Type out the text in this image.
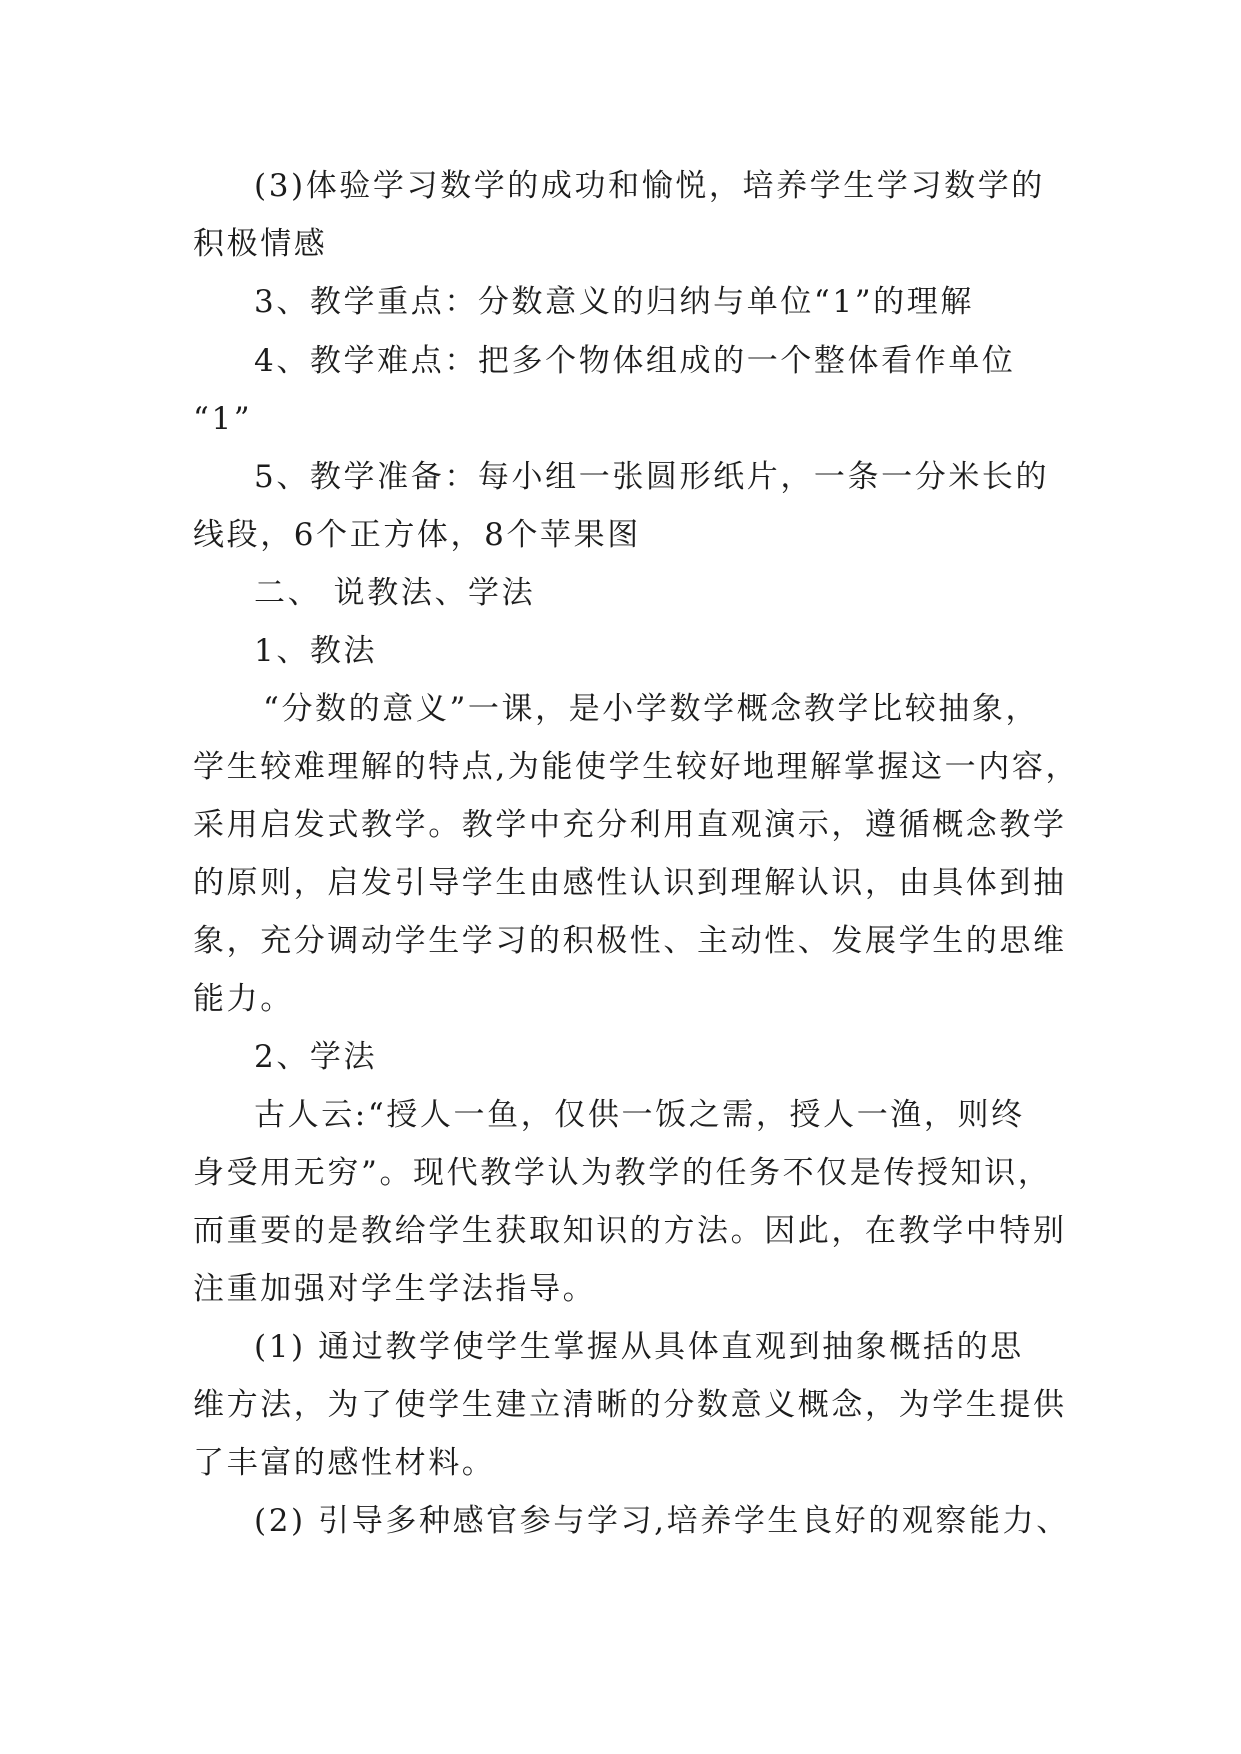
(3)体验学习数学的成功和愉悦，培养学生学习数学的
积极情感
3、教学重点：分数意义的归纳与单位“1”的理解
4、教学难点：把多个物体组成的一个整体看作单位
“1”
5、教学准备：每小组一张圆形纸片，一条一分米长的
线段，6个正方体，8个苹果图
二、 说教法、学法
1、教法
“分数的意义”一课，是小学数学概念教学比较抽象，
学生较难理解的特点,为能使学生较好地理解掌握这一内容，
采用启发式教学。教学中充分利用直观演示，遵循概念教学
的原则，启发引导学生由感性认识到理解认识，由具体到抽
象，充分调动学生学习的积极性、主动性、发展学生的思维
能力。
2、学法
古人云:“授人一鱼，仅供一饭之需，授人一渔，则终
身受用无穷”。现代教学认为教学的任务不仅是传授知识，
而重要的是教给学生获取知识的方法。因此，在教学中特别
注重加强对学生学法指导。
(1) 通过教学使学生掌握从具体直观到抽象概括的思
维方法，为了使学生建立清晰的分数意义概念，为学生提供
了丰富的感性材料。
(2) 引导多种感官参与学习,培养学生良好的观察能力、
